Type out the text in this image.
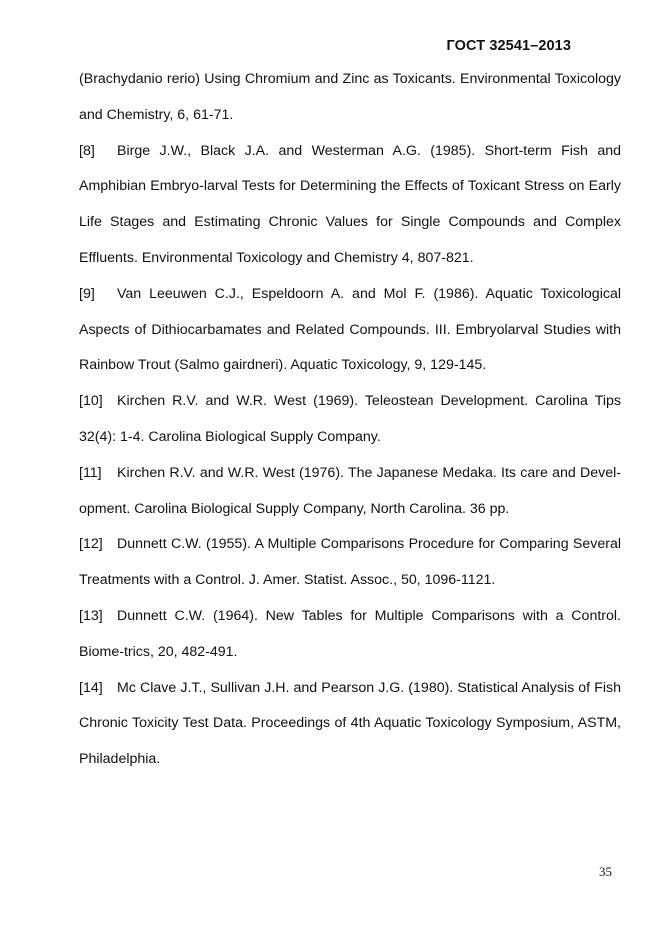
ГОСТ 32541–2013

(Brachydanio rerio) Using Chromium and Zinc as Toxicants. Environmental Toxicology and Chemistry, 6, 61-71.

[8] Birge J.W., Black J.A. and Westerman A.G. (1985). Short-term Fish and Amphibian Embryo-larval Tests for Determining the Effects of Toxicant Stress on Early Life Stages and Estimating Chronic Values for Single Compounds and Complex Effluents. Environmental Toxicology and Chemistry 4, 807-821.

[9] Van Leeuwen C.J., Espeldoorn A. and Mol F. (1986). Aquatic Toxicological Aspects of Dithiocarbamates and Related Compounds. III. Embryolarval Studies with Rainbow Trout (Salmo gairdneri). Aquatic Toxicology, 9, 129-145.

[10] Kirchen R.V. and W.R. West (1969). Teleostean Development. Carolina Tips 32(4): 1-4. Carolina Biological Supply Company.

[11] Kirchen R.V. and W.R. West (1976). The Japanese Medaka. Its care and Devel-opment. Carolina Biological Supply Company, North Carolina. 36 pp.

[12] Dunnett C.W. (1955). A Multiple Comparisons Procedure for Comparing Several Treatments with a Control. J. Amer. Statist. Assoc., 50, 1096-1121.

[13] Dunnett C.W. (1964). New Tables for Multiple Comparisons with a Control. Biome-trics, 20, 482-491.

[14] Mc Clave J.T., Sullivan J.H. and Pearson J.G. (1980). Statistical Analysis of Fish Chronic Toxicity Test Data. Proceedings of 4th Aquatic Toxicology Symposium, ASTM, Philadelphia.

35
